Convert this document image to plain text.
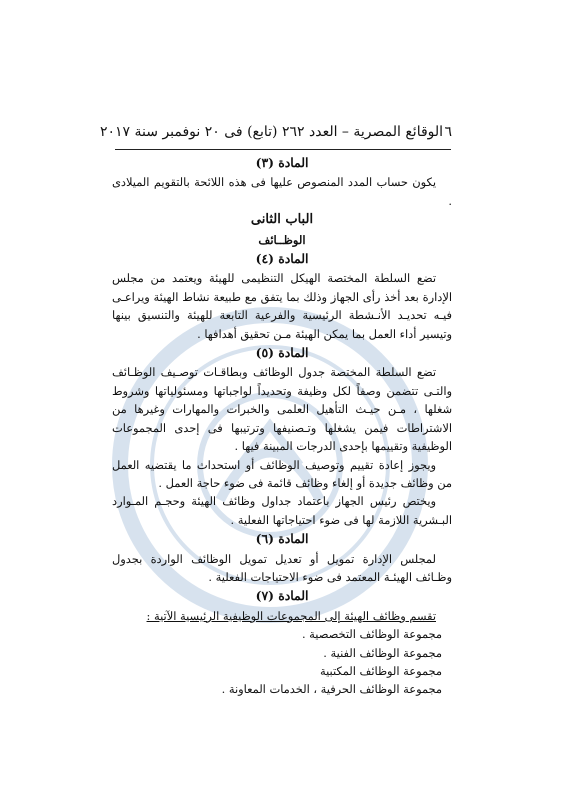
٦
الوقائع المصرية – العدد ٢٦٢ (تابع) فى ٢٠ نوفمبر سنة ٢٠١٧
المادة (٣)

يكون حساب المدد المنصوص عليها فى هذه اللائحة بالتقويم الميلادى .

الباب الثانى
الوظــائف
المادة (٤)

تضع السلطة المختصة الهيكل التنظيمى للهيئة ويعتمد من مجلس الإدارة بعد أخذ رأى الجهاز وذلك بما يتفق مع طبيعة نشاط الهيئة ويراعـى فيـه تحديـد الأنـشطة الرئيسية والفرعية التابعة للهيئة والتنسيق بينها وتيسير أداء العمل بما يمكن الهيئة مـن تحقيق أهدافها .

المادة (٥)

تضع السلطة المختصة جدول الوظائف وبطاقـات توصـيف الوظـائف والتـى تتضمن وصفاً لكل وظيفة وتحديداً لواجباتها ومسئولياتها وشروط شغلها ، مـن حيـث التأهيل العلمى والخبرات والمهارات وغيرها من الاشتراطات فيمن يشغلها وتـصنيفها وترتيبها فى إحدى المجموعات الوظيفية وتقييمها بإحدى الدرجات المبينة فيها .

ويجوز إعادة تقييم وتوصيف الوظائف أو استحداث ما يقتضيه العمل من وظائف جديدة أو إلغاء وظائف قائمة فى ضوء حاجة العمل .

ويختص رئيس الجهاز باعتماد جداول وظائف الهيئة وحجـم المـوارد البـشرية اللازمة لها فى ضوء احتياجاتها الفعلية .

المادة (٦)

لمجلس الإدارة تمويل أو تعديل تمويل الوظائف الواردة بجدول وظـائف الهيئـة المعتمد فى ضوء الاحتياجات الفعلية .

المادة (٧)

تقسم وظائف الهيئة إلى المجموعات الوظيفية الرئيسية الآتية :

مجموعة الوظائف التخصصية .
مجموعة الوظائف الفنية .
مجموعة الوظائف المكتبية
مجموعة الوظائف الحرفية ، الخدمات المعاونة .
